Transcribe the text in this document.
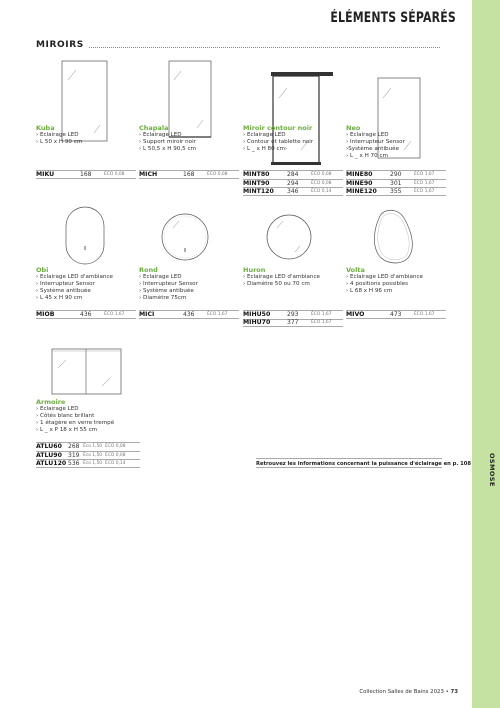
OSMOSE
ÉLÉMENTS SÉPARÉS
MIROIRS
Kuba
› Eclairage LED
› L 50 x H 90 cm
MIKU	168	ÉCO 0,08
Chapala
› Eclairage LED
› Support miroir noir
› L 50,5 x H 90,5 cm
MICH	168	ÉCO 0,08
Miroir contour noir
› Eclairage LED
› Contour et tablette noir
› L _ x H 80 cm›
MINT80	284	ÉCO 0,08
MINT90	294	ÉCO 0,08
MINT120	346	ÉCO 0,14
Neo
› Eclairage LED
› Interrupteur Sensor
›Système antibuée
› L _ x H 70 cm
MINE80	290	ÉCO 1,67
MINE90	301	ÉCO 1,67
MINE120	355	ÉCO 1,67
Obi
› Eclairage LED d'ambiance
› Interrupteur Sensor
› Système antibuée
› L 45 x H 90 cm
MIOB	436	ÉCO 1,67
Rond
› Eclairage LED
› Interrupteur Sensor
› Système antibuée
› Diamètre 75cm
MICI	436	ÉCO 1,67
Huron
› Eclairage LED d'ambiance
› Diamètre 50 ou 70 cm
MIHU50	293	ÉCO 1,67
MIHU70	377	ÉCO 1,67
Volta
› Eclairage LED d'ambiance
› 4 positions possibles
› L 68 x H 96 cm
MIVO	473	ÉCO 1,67
Armoire
› Eclairage LED
› Côtés blanc brillant
› 1 étagère en verre trempé
› L _ x P 18 x H 55 cm
ATLU60	268 Éco 1,50 ÉCO 0,08
ATLU90	319 Éco 1,50 ÉCO 0,08
ATLU120 536 Éco 1,50 ÉCO 0,14	Retrouvez les informations concernant la puissance d'éclairage en p. 108
Collection Salles de Bains 2023 • 73
